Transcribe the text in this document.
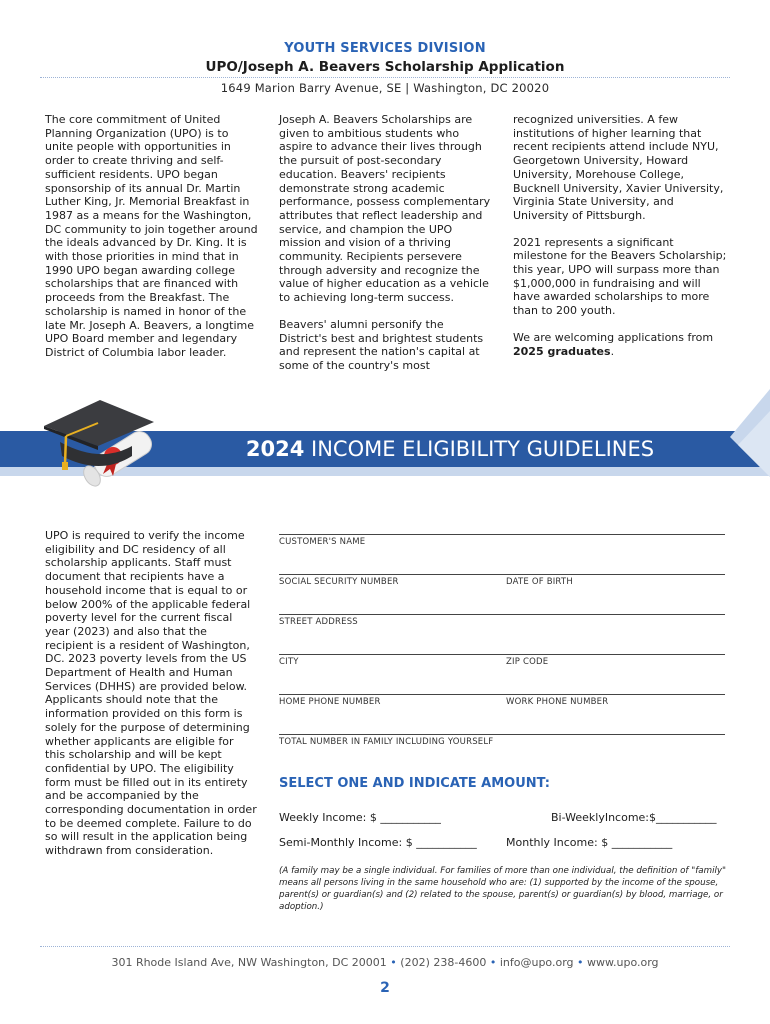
YOUTH SERVICES DIVISION
UPO/Joseph A. Beavers Scholarship Application
1649 Marion Barry Avenue, SE | Washington, DC 20020

The core commitment of United Planning Organization (UPO) is to unite people with opportunities in order to create thriving and self-sufficient residents. UPO began sponsorship of its annual Dr. Martin Luther King, Jr. Memorial Breakfast in 1987 as a means for the Washington, DC community to join together around the ideals advanced by Dr. King. It is with those priorities in mind that in 1990 UPO began awarding college scholarships that are financed with proceeds from the Breakfast. The scholarship is named in honor of the late Mr. Joseph A. Beavers, a longtime UPO Board member and legendary District of Columbia labor leader.

Joseph A. Beavers Scholarships are given to ambitious students who aspire to advance their lives through the pursuit of post-secondary education. Beavers' recipients demonstrate strong academic performance, possess complementary attributes that reflect leadership and service, and champion the UPO mission and vision of a thriving community. Recipients persevere through adversity and recognize the value of higher education as a vehicle to achieving long-term success.

Beavers' alumni personify the District's best and brightest students and represent the nation's capital at some of the country's most

recognized universities. A few institutions of higher learning that recent recipients attend include NYU, Georgetown University, Howard University, Morehouse College, Bucknell University, Xavier University, Virginia State University, and University of Pittsburgh.

2021 represents a significant milestone for the Beavers Scholarship; this year, UPO will surpass more than $1,000,000 in fundraising and will have awarded scholarships to more than to 200 youth.

We are welcoming applications from 2025 graduates.

2024 INCOME ELIGIBILITY GUIDELINES
UPO is required to verify the income eligibility and DC residency of all scholarship applicants. Staff must document that recipients have a household income that is equal to or below 200% of the applicable federal poverty level for the current fiscal year (2023) and also that the recipient is a resident of Washington, DC. 2023 poverty levels from the US Department of Health and Human Services (DHHS) are provided below. Applicants should note that the information provided on this form is solely for the purpose of determining whether applicants are eligible for this scholarship and will be kept confidential by UPO. The eligibility form must be filled out in its entirety and be accompanied by the corresponding documentation in order to be deemed complete. Failure to do so will result in the application being withdrawn from consideration.
CUSTOMER'S NAME
SOCIAL SECURITY NUMBER	DATE OF BIRTH
STREET ADDRESS
CITY	ZIP CODE
HOME PHONE NUMBER	WORK PHONE NUMBER
TOTAL NUMBER IN FAMILY INCLUDING YOURSELF
SELECT ONE AND INDICATE AMOUNT:
Weekly Income: $ ___________	Bi-WeeklyIncome:$___________
Semi-Monthly Income: $ ___________	Monthly Income: $ ___________
(A family may be a single individual. For families of more than one individual, the definition of "family" means all persons living in the same household who are: (1) supported by the income of the spouse, parent(s) or guardian(s) and (2) related to the spouse, parent(s) or guardian(s) by blood, marriage, or adoption.)
301 Rhode Island Ave, NW Washington, DC 20001 • (202) 238-4600 • info@upo.org • www.upo.org
2
